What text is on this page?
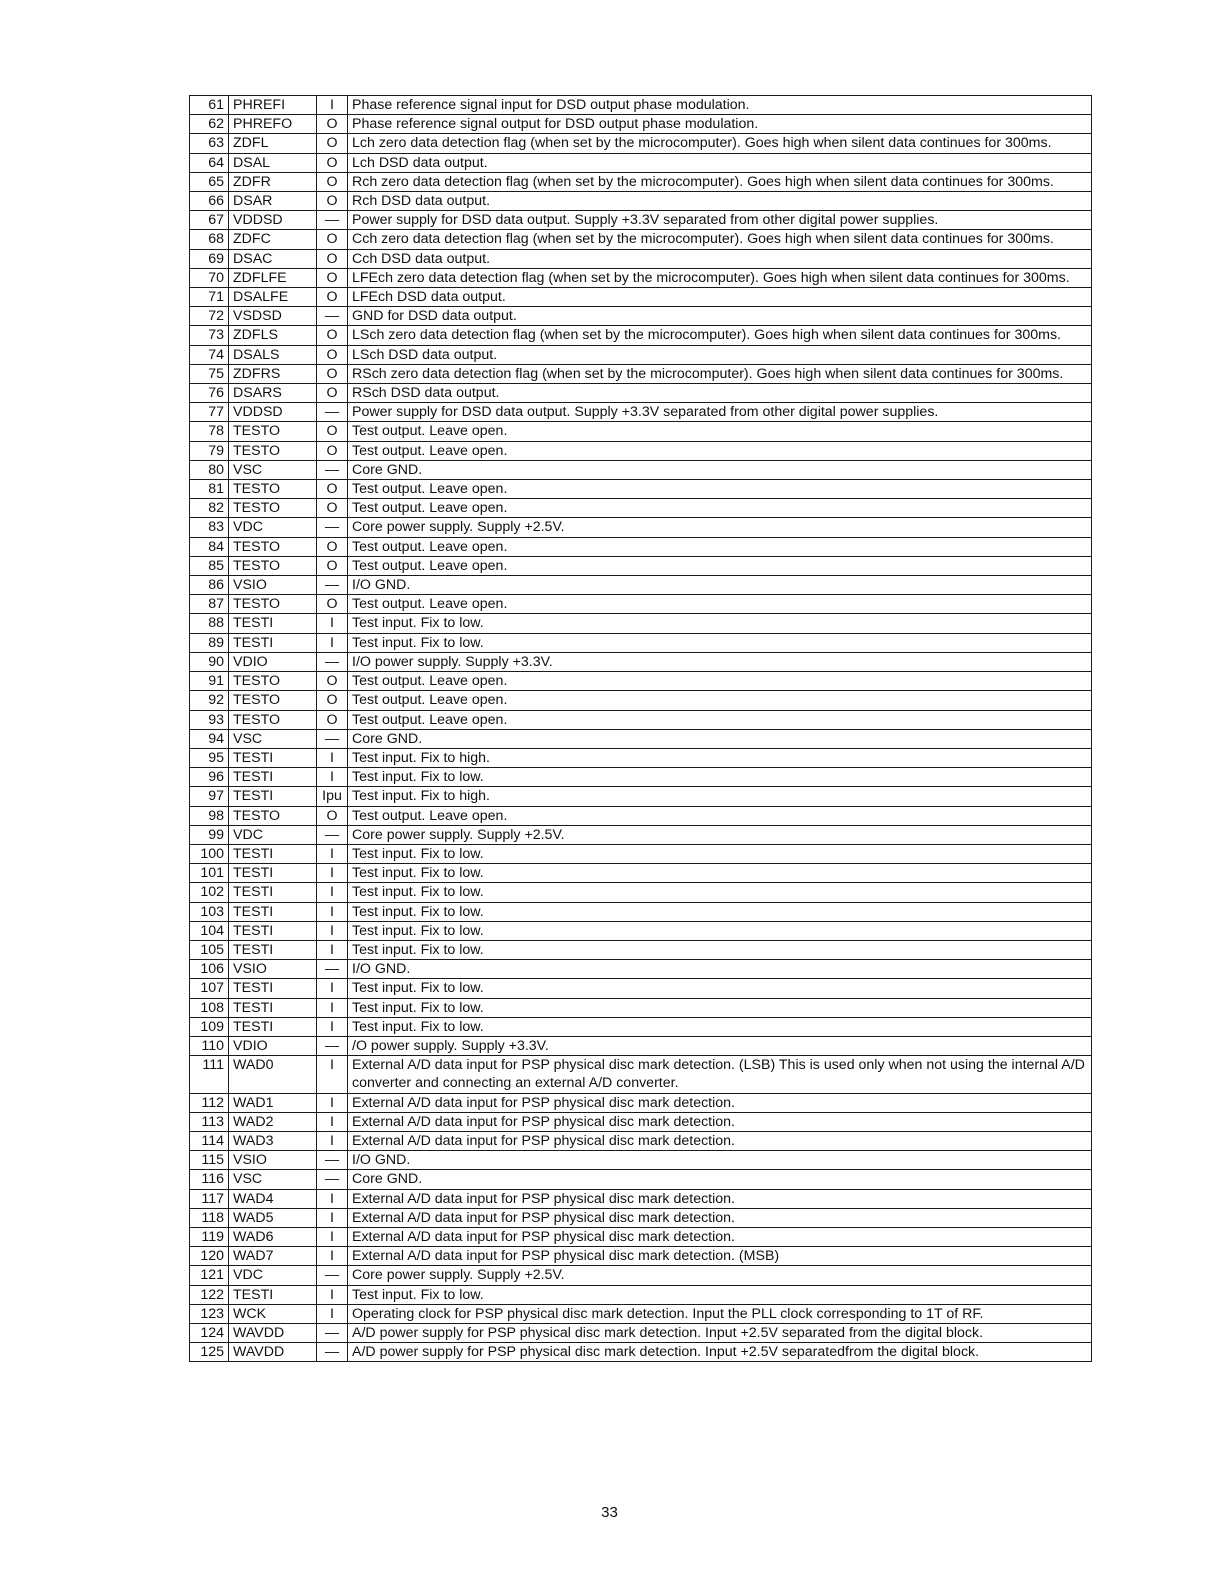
61	PHREFI	I	Phase reference signal input for DSD output phase modulation.
62	PHREFO	O	Phase reference signal output for DSD output phase modulation.
63	ZDFL	O	Lch zero data detection flag (when set by the microcomputer). Goes high when silent data continues for 300ms.
64	DSAL	O	Lch DSD data output.
65	ZDFR	O	Rch zero data detection flag (when set by the microcomputer). Goes high when silent data continues for 300ms.
66	DSAR	O	Rch DSD data output.
67	VDDSD	—	Power supply for DSD data output. Supply +3.3V separated from other digital power supplies.
68	ZDFC	O	Cch zero data detection flag (when set by the microcomputer). Goes high when silent data continues for 300ms.
69	DSAC	O	Cch DSD data output.
70	ZDFLFE	O	LFEch zero data detection flag (when set by the microcomputer). Goes high when silent data continues for 300ms.
71	DSALFE	O	LFEch DSD data output.
72	VSDSD	—	GND for DSD data output.
73	ZDFLS	O	LSch zero data detection flag (when set by the microcomputer). Goes high when silent data continues for 300ms.
74	DSALS	O	LSch DSD data output.
75	ZDFRS	O	RSch zero data detection flag (when set by the microcomputer). Goes high when silent data continues for 300ms.
76	DSARS	O	RSch DSD data output.
77	VDDSD	—	Power supply for DSD data output. Supply +3.3V separated from other digital power supplies.
78	TESTO	O	Test output. Leave open.
79	TESTO	O	Test output. Leave open.
80	VSC	—	Core GND.
81	TESTO	O	Test output. Leave open.
82	TESTO	O	Test output. Leave open.
83	VDC	—	Core power supply. Supply +2.5V.
84	TESTO	O	Test output. Leave open.
85	TESTO	O	Test output. Leave open.
86	VSIO	—	I/O GND.
87	TESTO	O	Test output. Leave open.
88	TESTI	I	Test input. Fix to low.
89	TESTI	I	Test input. Fix to low.
90	VDIO	—	I/O power supply. Supply +3.3V.
91	TESTO	O	Test output. Leave open.
92	TESTO	O	Test output. Leave open.
93	TESTO	O	Test output. Leave open.
94	VSC	—	Core GND.
95	TESTI	I	Test input. Fix to high.
96	TESTI	I	Test input. Fix to low.
97	TESTI	Ipu	Test input. Fix to high.
98	TESTO	O	Test output. Leave open.
99	VDC	—	Core power supply. Supply +2.5V.
100	TESTI	I	Test input. Fix to low.
101	TESTI	I	Test input. Fix to low.
102	TESTI	I	Test input. Fix to low.
103	TESTI	I	Test input. Fix to low.
104	TESTI	I	Test input. Fix to low.
105	TESTI	I	Test input. Fix to low.
106	VSIO	—	I/O GND.
107	TESTI	I	Test input. Fix to low.
108	TESTI	I	Test input. Fix to low.
109	TESTI	I	Test input. Fix to low.
110	VDIO	—	/O power supply. Supply +3.3V.
111	WAD0	I	External A/D data input for PSP physical disc mark detection. (LSB) This is used only when not using the internal A/D converter and connecting an external A/D converter.
112	WAD1	I	External A/D data input for PSP physical disc mark detection.
113	WAD2	I	External A/D data input for PSP physical disc mark detection.
114	WAD3	I	External A/D data input for PSP physical disc mark detection.
115	VSIO	—	I/O GND.
116	VSC	—	Core GND.
117	WAD4	I	External A/D data input for PSP physical disc mark detection.
118	WAD5	I	External A/D data input for PSP physical disc mark detection.
119	WAD6	I	External A/D data input for PSP physical disc mark detection.
120	WAD7	I	External A/D data input for PSP physical disc mark detection. (MSB)
121	VDC	—	Core power supply. Supply +2.5V.
122	TESTI	I	Test input. Fix to low.
123	WCK	I	Operating clock for PSP physical disc mark detection. Input the PLL clock corresponding to 1T of RF.
124	WAVDD	—	A/D power supply for PSP physical disc mark detection. Input +2.5V separated from the digital block.
125	WAVDD	—	A/D power supply for PSP physical disc mark detection. Input +2.5V separatedfrom the digital block.
33
